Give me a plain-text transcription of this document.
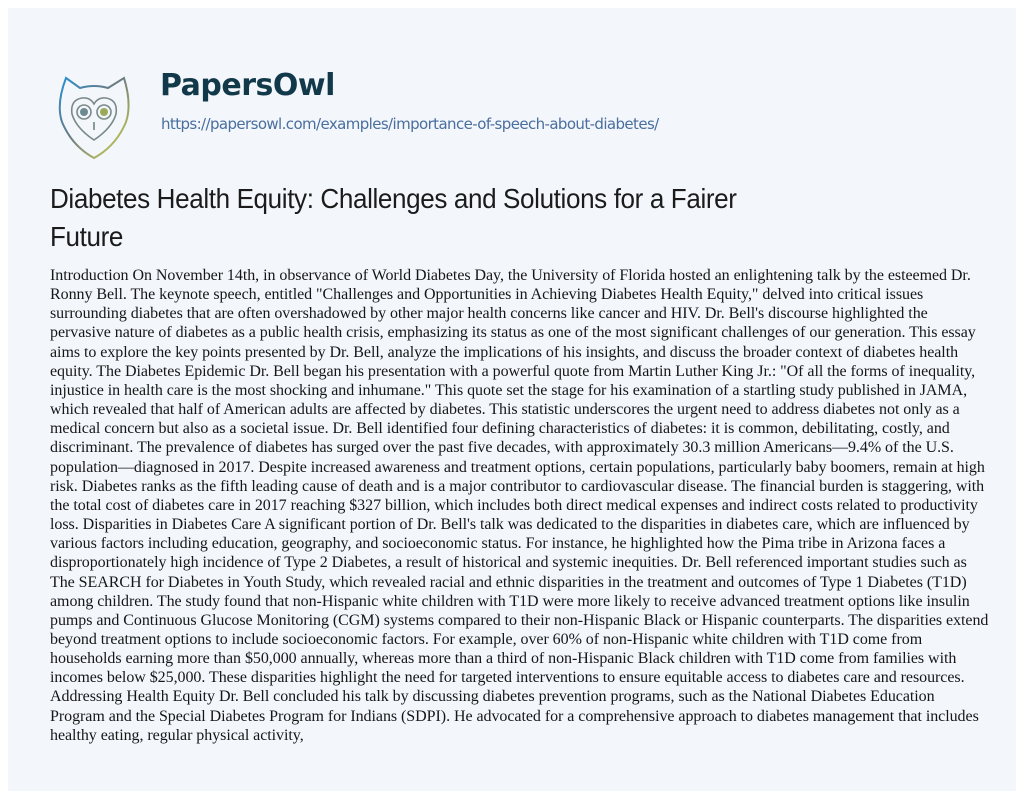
PapersOwl
https://papersowl.com/examples/importance-of-speech-about-diabetes/
Diabetes Health Equity: Challenges and Solutions for a Fairer Future

Introduction On November 14th, in observance of World Diabetes Day, the University of Florida hosted an enlightening talk by the esteemed Dr. Ronny Bell. The keynote speech, entitled "Challenges and Opportunities in Achieving Diabetes Health Equity," delved into critical issues surrounding diabetes that are often overshadowed by other major health concerns like cancer and HIV. Dr. Bell's discourse highlighted the pervasive nature of diabetes as a public health crisis, emphasizing its status as one of the most significant challenges of our generation. This essay aims to explore the key points presented by Dr. Bell, analyze the implications of his insights, and discuss the broader context of diabetes health equity. The Diabetes Epidemic Dr. Bell began his presentation with a powerful quote from Martin Luther King Jr.: "Of all the forms of inequality, injustice in health care is the most shocking and inhumane." This quote set the stage for his examination of a startling study published in JAMA, which revealed that half of American adults are affected by diabetes. This statistic underscores the urgent need to address diabetes not only as a medical concern but also as a societal issue. Dr. Bell identified four defining characteristics of diabetes: it is common, debilitating, costly, and discriminant. The prevalence of diabetes has surged over the past five decades, with approximately 30.3 million Americans—9.4% of the U.S. population—diagnosed in 2017. Despite increased awareness and treatment options, certain populations, particularly baby boomers, remain at high risk. Diabetes ranks as the fifth leading cause of death and is a major contributor to cardiovascular disease. The financial burden is staggering, with the total cost of diabetes care in 2017 reaching $327 billion, which includes both direct medical expenses and indirect costs related to productivity loss. Disparities in Diabetes Care A significant portion of Dr. Bell's talk was dedicated to the disparities in diabetes care, which are influenced by various factors including education, geography, and socioeconomic status. For instance, he highlighted how the Pima tribe in Arizona faces a disproportionately high incidence of Type 2 Diabetes, a result of historical and systemic inequities. Dr. Bell referenced important studies such as The SEARCH for Diabetes in Youth Study, which revealed racial and ethnic disparities in the treatment and outcomes of Type 1 Diabetes (T1D) among children. The study found that non-Hispanic white children with T1D were more likely to receive advanced treatment options like insulin pumps and Continuous Glucose Monitoring (CGM) systems compared to their non-Hispanic Black or Hispanic counterparts. The disparities extend beyond treatment options to include socioeconomic factors. For example, over 60% of non-Hispanic white children with T1D come from households earning more than $50,000 annually, whereas more than a third of non-Hispanic Black children with T1D come from families with incomes below $25,000. These disparities highlight the need for targeted interventions to ensure equitable access to diabetes care and resources. Addressing Health Equity Dr. Bell concluded his talk by discussing diabetes prevention programs, such as the National Diabetes Education Program and the Special Diabetes Program for Indians (SDPI). He advocated for a comprehensive approach to diabetes management that includes healthy eating, regular physical activity,
